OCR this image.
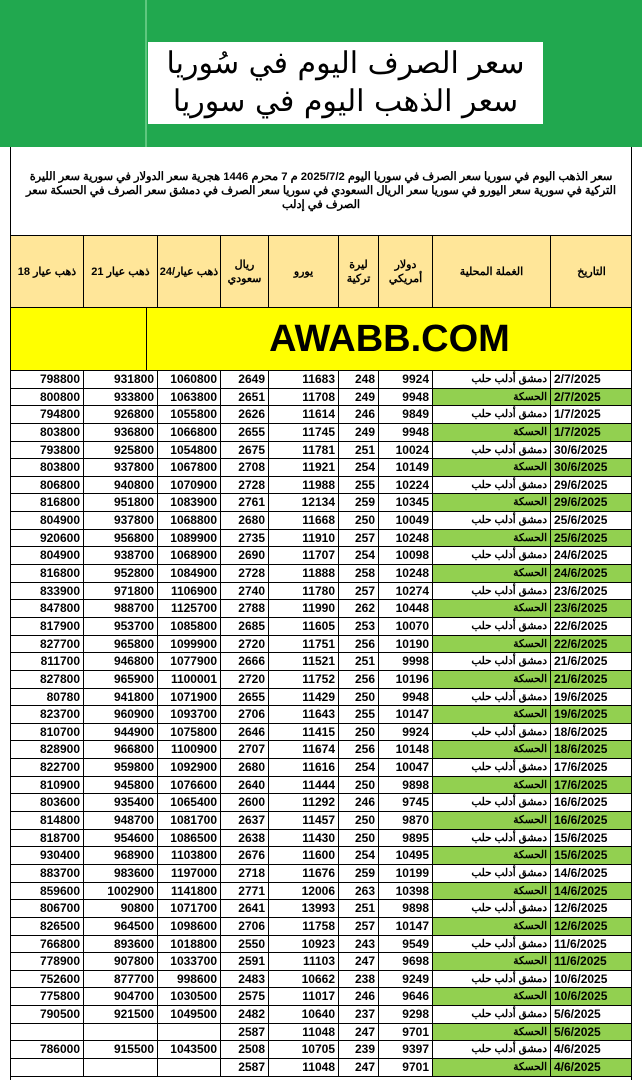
سعر الصرف اليوم في سُوريا
سعر الذهب اليوم في سوريا
سعر الذهب اليوم في سوريا سعر الصرف في سوريا اليوم 2025/7/2 م 7 محرم 1446 هجرية سعر الدولار في سورية سعر الليرة التركية في سورية سعر اليورو في سوريا سعر الريال السعودي في سوريا سعر الصرف في دمشق سعر الصرف في الحسكة سعر الصرف في إدلب
التاريخ
الغملة المحلية
دولار أمريكي
ليرة تركية
يورو
ريال سعودي
ذهب عيار/24
ذهب عيار 21
ذهب عيار 18
AWABB.COM
2/7/2025
دمشق أدلب حلب
9924
248
11683
2649
1060800
931800
798800
2/7/2025
الحسكة
9948
249
11708
2651
1063800
933800
800800
1/7/2025
دمشق أدلب حلب
9849
246
11614
2626
1055800
926800
794800
1/7/2025
الحسكة
9948
249
11745
2655
1066800
936800
803800
30/6/2025
دمشق أدلب حلب
10024
251
11781
2675
1054800
925800
793800
30/6/2025
الحسكة
10149
254
11921
2708
1067800
937800
803800
29/6/2025
دمشق أدلب حلب
10224
255
11988
2728
1070900
940800
806800
29/6/2025
الحسكة
10345
259
12134
2761
1083900
951800
816800
25/6/2025
دمشق أدلب حلب
10049
250
11668
2680
1068800
937800
804900
25/6/2025
الحسكة
10248
257
11910
2735
1089900
956800
920600
24/6/2025
دمشق أدلب حلب
10098
254
11707
2690
1068900
938700
804900
24/6/2025
الحسكة
10248
258
11888
2728
1084900
952800
816800
23/6/2025
دمشق أدلب حلب
10274
257
11780
2740
1106900
971800
833900
23/6/2025
الحسكة
10448
262
11990
2788
1125700
988700
847800
22/6/2025
دمشق أدلب حلب
10070
253
11605
2685
1085800
953700
817900
22/6/2025
الحسكة
10190
256
11751
2720
1099900
965800
827700
21/6/2025
دمشق أدلب حلب
9998
251
11521
2666
1077900
946800
811700
21/6/2025
الحسكة
10196
256
11752
2720
1100001
965900
827800
19/6/2025
دمشق أدلب حلب
9948
250
11429
2655
1071900
941800
80780
19/6/2025
الحسكة
10147
255
11643
2706
1093700
960900
823700
18/6/2025
دمشق أدلب حلب
9924
250
11415
2646
1075800
944900
810700
18/6/2025
الحسكة
10148
256
11674
2707
1100900
966800
828900
17/6/2025
دمشق أدلب حلب
10047
254
11616
2680
1092900
959800
822700
17/6/2025
الحسكة
9898
250
11444
2640
1076600
945800
810900
16/6/2025
دمشق أدلب حلب
9745
246
11292
2600
1065400
935400
803600
16/6/2025
الحسكة
9870
250
11457
2637
1081700
948700
814800
15/6/2025
دمشق أدلب حلب
9895
250
11430
2638
1086500
954600
818700
15/6/2025
الحسكة
10495
254
11600
2676
1103800
968900
930400
14/6/2025
دمشق أدلب حلب
10199
259
11676
2718
1197000
983600
883700
14/6/2025
الحسكة
10398
263
12006
2771
1141800
1002900
859600
12/6/2025
دمشق أدلب حلب
9898
251
13993
2641
1071700
90800
806700
12/6/2025
الحسكة
10147
257
11758
2706
1098600
964500
826500
11/6/2025
دمشق أدلب حلب
9549
243
10923
2550
1018800
893600
766800
11/6/2025
الحسكة
9698
247
11103
2591
1033700
907800
778900
10/6/2025
دمشق أدلب حلب
9249
238
10662
2483
998600
877700
752600
10/6/2025
الحسكة
9646
246
11017
2575
1030500
904700
775800
5/6/2025
دمشق أدلب حلب
9298
237
10640
2482
1049500
921500
790500
5/6/2025
الحسكة
9701
247
11048
2587
4/6/2025
دمشق أدلب حلب
9397
239
10705
2508
1043500
915500
786000
4/6/2025
الحسكة
9701
247
11048
2587
